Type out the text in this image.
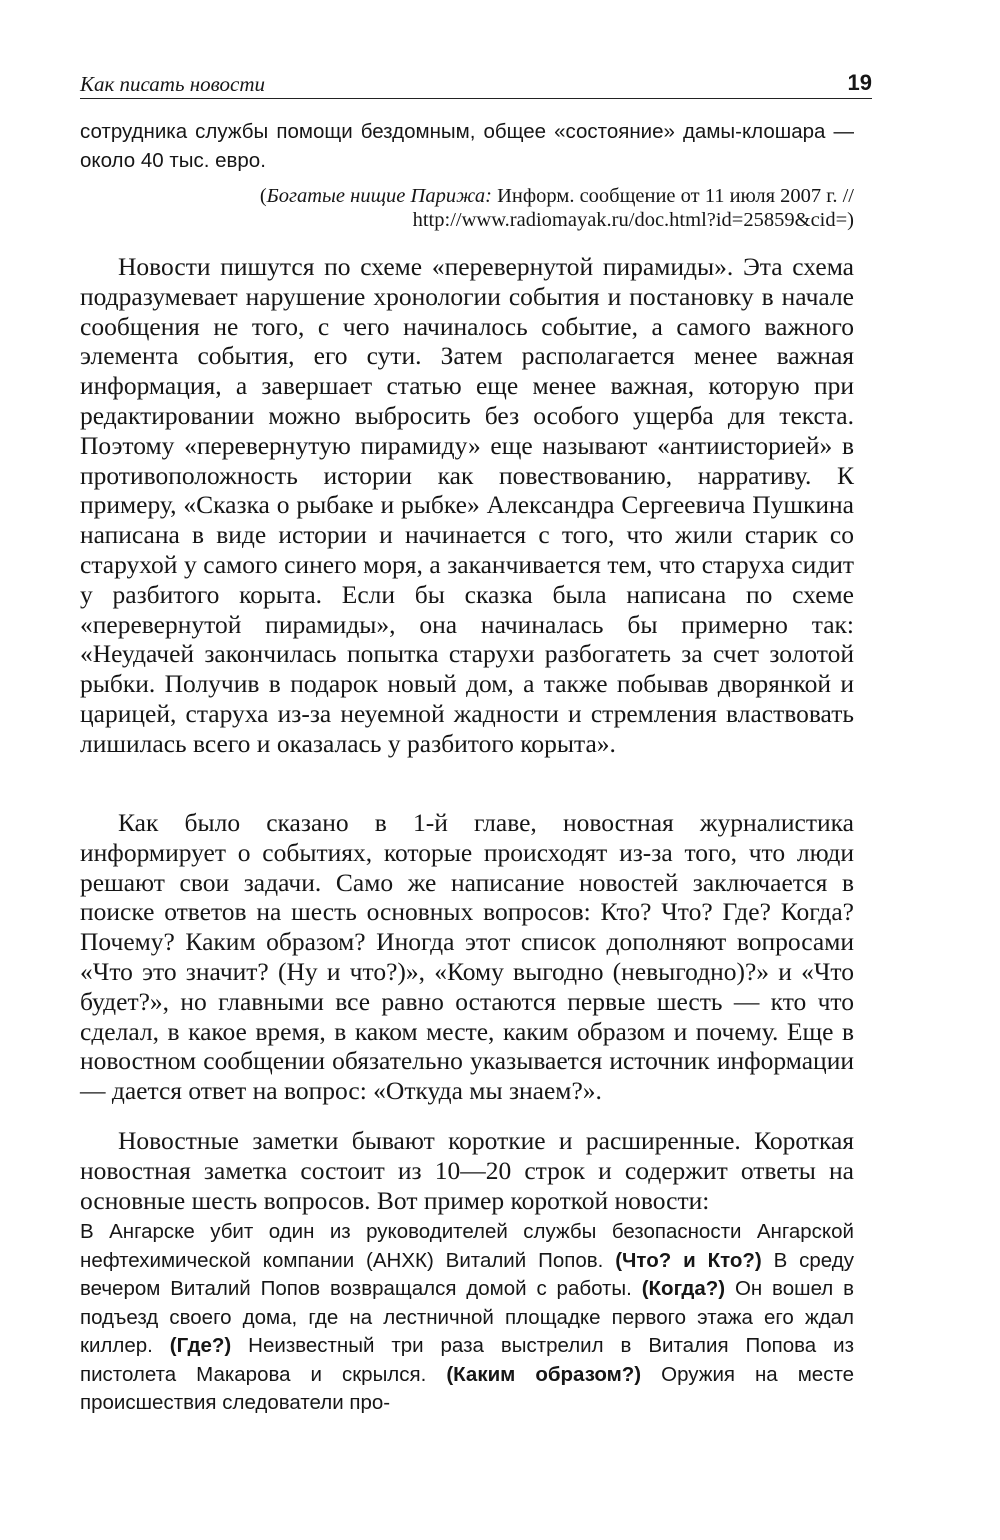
Как писать новости	19

сотрудника службы помощи бездомным, общее «состояние» дамы-клошара — около 40 тыс. евро.

(Богатые нищие Парижа: Информ. сообщение от 11 июля 2007 г. // http://www.radiomayak.ru/doc.html?id=25859&cid=)

Новости пишутся по схеме «перевернутой пирамиды». Эта схема подразумевает нарушение хронологии события и постановку в начале сообщения не того, с чего начиналось событие, а самого важного элемента события, его сути. Затем располагается менее важная информация, а завершает статью еще менее важная, которую при редактировании можно выбросить без особого ущерба для текста. Поэтому «перевернутую пирамиду» еще называют «антиисторией» в противоположность истории как повествованию, нарративу. К примеру, «Сказка о рыбаке и рыбке» Александра Сергеевича Пушкина написана в виде истории и начинается с того, что жили старик со старухой у самого синего моря, а заканчивается тем, что старуха сидит у разбитого корыта. Если бы сказка была написана по схеме «перевернутой пирамиды», она начиналась бы примерно так: «Неудачей закончилась попытка старухи разбогатеть за счет золотой рыбки. Получив в подарок новый дом, а также побывав дворянкой и царицей, старуха из-за неуемной жадности и стремления властвовать лишилась всего и оказалась у разбитого корыта».

Как было сказано в 1-й главе, новостная журналистика информирует о событиях, которые происходят из-за того, что люди решают свои задачи. Само же написание новостей заключается в поиске ответов на шесть основных вопросов: Кто? Что? Где? Когда? Почему? Каким образом? Иногда этот список дополняют вопросами «Что это значит? (Ну и что?)», «Кому выгодно (невыгодно)?» и «Что будет?», но главными все равно остаются первые шесть — кто что сделал, в какое время, в каком месте, каким образом и почему. Еще в новостном сообщении обязательно указывается источник информации — дается ответ на вопрос: «Откуда мы знаем?».

Новостные заметки бывают короткие и расширенные. Короткая новостная заметка состоит из 10—20 строк и содержит ответы на основные шесть вопросов. Вот пример короткой новости:

В Ангарске убит один из руководителей службы безопасности Ангарской нефтехимической компании (АНХК) Виталий Попов. (Что? и Кто?) В среду вечером Виталий Попов возвращался домой с работы. (Когда?) Он вошел в подъезд своего дома, где на лестничной площадке первого этажа его ждал киллер. (Где?) Неизвестный три раза выстрелил в Виталия Попова из пистолета Макарова и скрылся. (Каким образом?) Оружия на месте происшествия следователи про-
